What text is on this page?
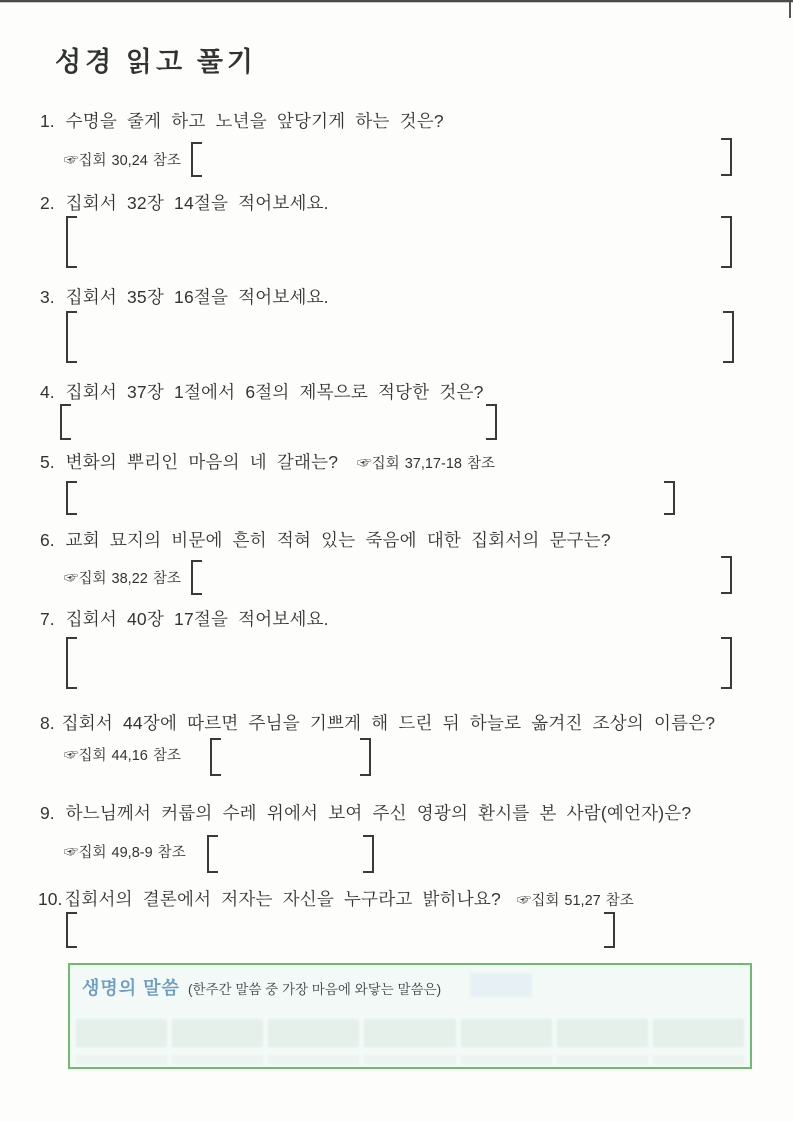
성경 읽고 풀기
1. 수명을 줄게 하고 노년을 앞당기게 하는 것은?
☞집회 30,24 참조
2. 집회서 32장 14절을 적어보세요.
3. 집회서 35장 16절을 적어보세요.
4. 집회서 37장 1절에서 6절의 제목으로 적당한 것은?
5. 변화의 뿌리인 마음의 네 갈래는? ☞집회 37,17-18 참조
6. 교회 묘지의 비문에 흔히 적혀 있는 죽음에 대한 집회서의 문구는?
☞집회 38,22 참조
7. 집회서 40장 17절을 적어보세요.
8. 집회서 44장에 따르면 주님을 기쁘게 해 드린 뒤 하늘로 옮겨진 조상의 이름은?
☞집회 44,16 참조
9. 하느님께서 커룹의 수레 위에서 보여 주신 영광의 환시를 본 사람(예언자)은?
☞집회 49,8-9 참조
10. 집회서의 결론에서 저자는 자신을 누구라고 밝히나요? ☞집회 51,27 참조
생명의 말씀 (한주간 말씀 중 가장 마음에 와닿는 말씀은)
